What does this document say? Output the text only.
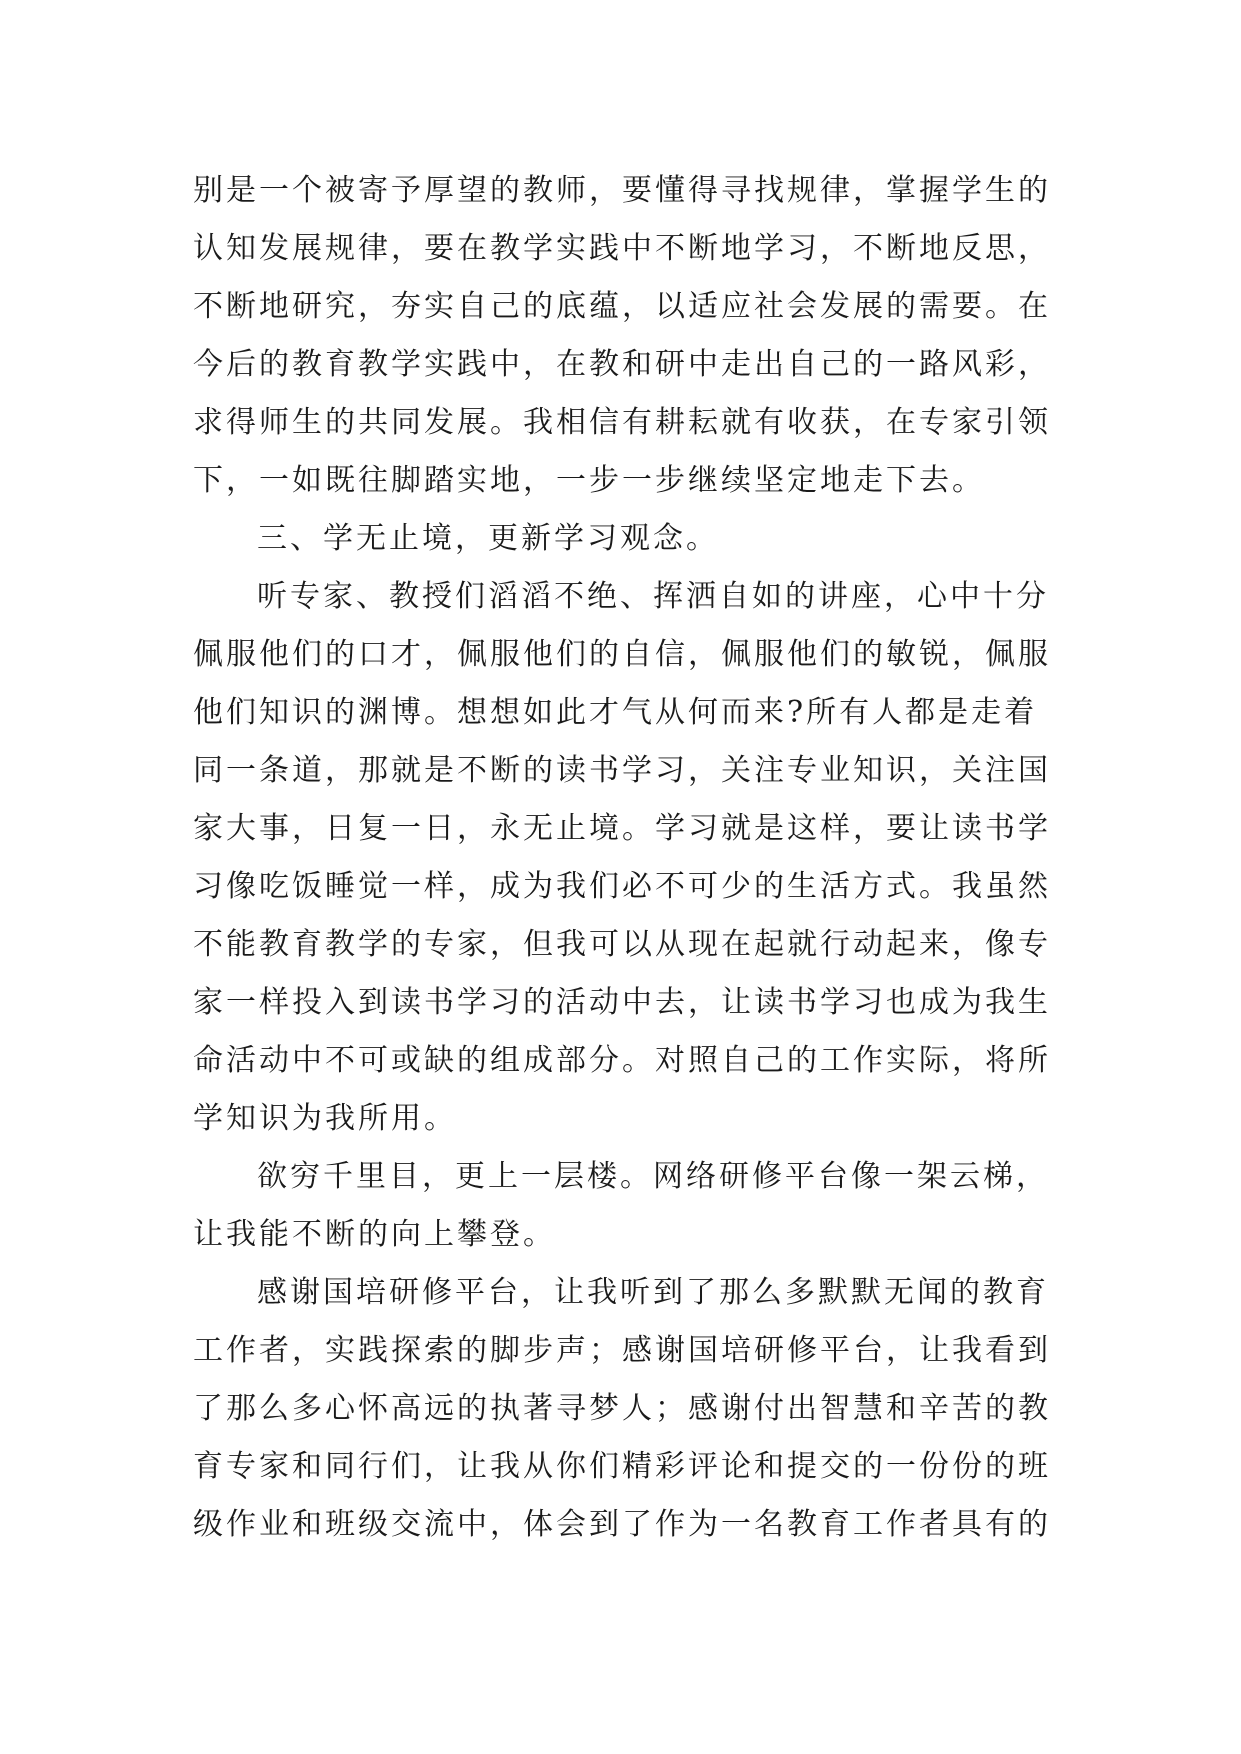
别是一个被寄予厚望的教师，要懂得寻找规律，掌握学生的
认知发展规律，要在教学实践中不断地学习，不断地反思，
不断地研究，夯实自己的底蕴，以适应社会发展的需要。在
今后的教育教学实践中，在教和研中走出自己的一路风彩，
求得师生的共同发展。我相信有耕耘就有收获，在专家引领
下，一如既往脚踏实地，一步一步继续坚定地走下去。
三、学无止境，更新学习观念。
听专家、教授们滔滔不绝、挥洒自如的讲座，心中十分
佩服他们的口才，佩服他们的自信，佩服他们的敏锐，佩服
他们知识的渊博。想想如此才气从何而来?所有人都是走着
同一条道，那就是不断的读书学习，关注专业知识，关注国
家大事，日复一日，永无止境。学习就是这样，要让读书学
习像吃饭睡觉一样，成为我们必不可少的生活方式。我虽然
不能教育教学的专家，但我可以从现在起就行动起来，像专
家一样投入到读书学习的活动中去，让读书学习也成为我生
命活动中不可或缺的组成部分。对照自己的工作实际，将所
学知识为我所用。
欲穷千里目，更上一层楼。网络研修平台像一架云梯，
让我能不断的向上攀登。
感谢国培研修平台，让我听到了那么多默默无闻的教育
工作者，实践探索的脚步声；感谢国培研修平台，让我看到
了那么多心怀高远的执著寻梦人；感谢付出智慧和辛苦的教
育专家和同行们，让我从你们精彩评论和提交的一份份的班
级作业和班级交流中，体会到了作为一名教育工作者具有的
